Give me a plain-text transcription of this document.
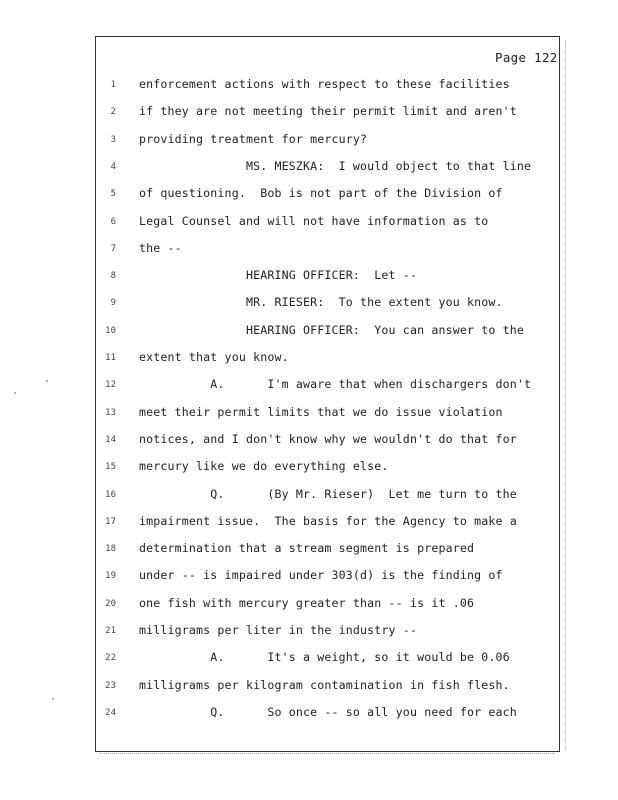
Page 122
1 enforcement actions with respect to these facilities
2 if they are not meeting their permit limit and aren't
3 providing treatment for mercury?
4 MS. MESZKA:  I would object to that line
5 of questioning.  Bob is not part of the Division of
6 Legal Counsel and will not have information as to
7 the --
8 HEARING OFFICER:  Let --
9 MR. RIESER:  To the extent you know.
10 HEARING OFFICER:  You can answer to the
11 extent that you know.
12 A.      I'm aware that when dischargers don't
13 meet their permit limits that we do issue violation
14 notices, and I don't know why we wouldn't do that for
15 mercury like we do everything else.
16 Q.      (By Mr. Rieser)  Let me turn to the
17 impairment issue.  The basis for the Agency to make a
18 determination that a stream segment is prepared
19 under -- is impaired under 303(d) is the finding of
20 one fish with mercury greater than -- is it .06
21 milligrams per liter in the industry --
22 A.      It's a weight, so it would be 0.06
23 milligrams per kilogram contamination in fish flesh.
24 Q.      So once -- so all you need for each
